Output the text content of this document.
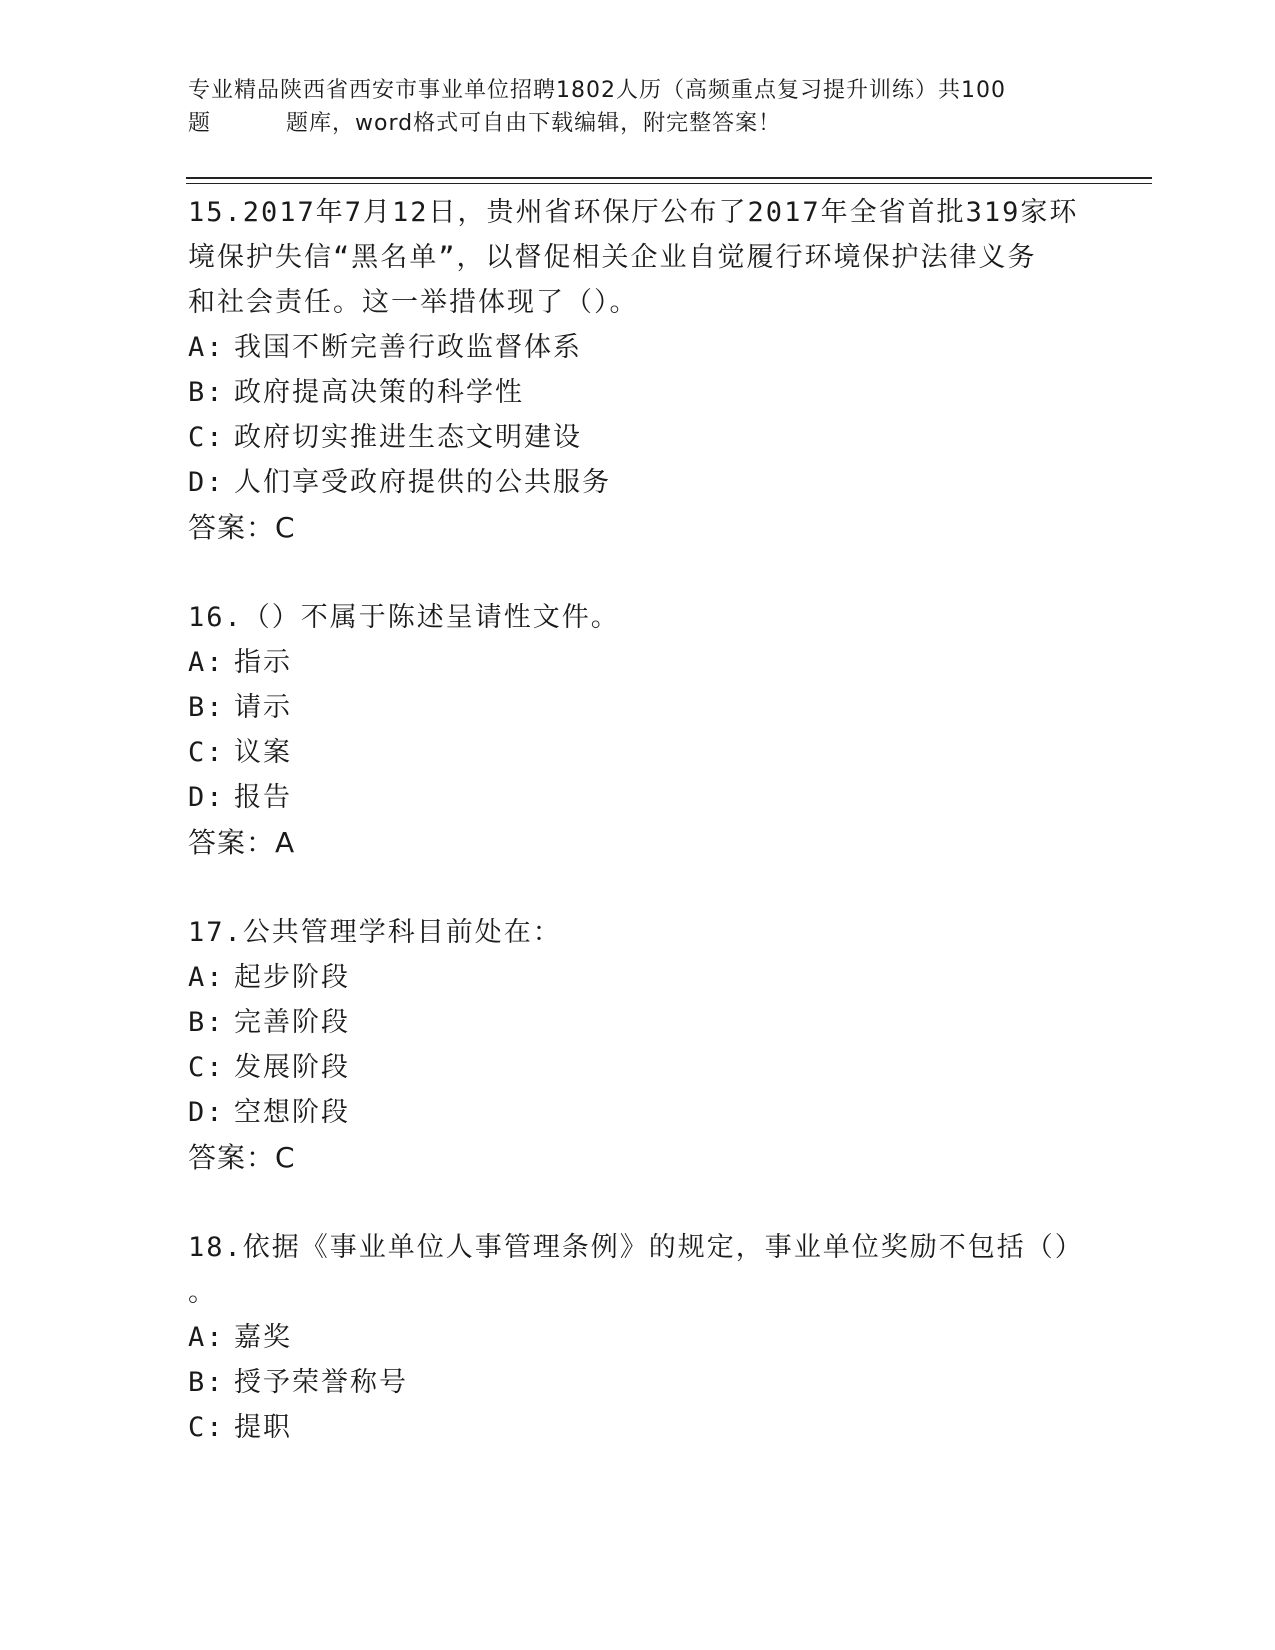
专业精品陕西省西安市事业单位招聘1802人历（高频重点复习提升训练）共100
题	题库，word格式可自由下载编辑，附完整答案！

15.2017年7月12日，贵州省环保厅公布了2017年全省首批319家环

境保护失信“黑名单”，以督促相关企业自觉履行环境保护法律义务

和社会责任。这一举措体现了（）。

A: 我国不断完善行政监督体系

B: 政府提高决策的科学性

C: 政府切实推进生态文明建设

D: 人们享受政府提供的公共服务

答案：C

16.（）不属于陈述呈请性文件。

A: 指示

B: 请示

C: 议案

D: 报告

答案：A

17.公共管理学科目前处在：

A: 起步阶段

B: 完善阶段

C: 发展阶段

D: 空想阶段

答案：C

18.依据《事业单位人事管理条例》的规定，事业单位奖励不包括（）

。

A: 嘉奖

B: 授予荣誉称号

C: 提职
